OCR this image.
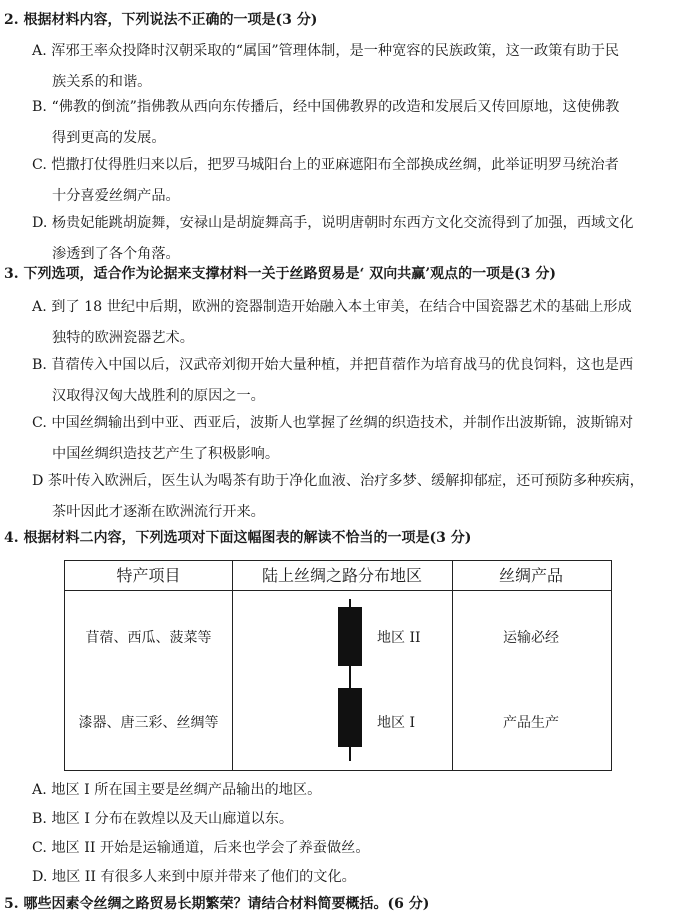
2. 根据材料内容，下列说法不正确的一项是(3 分)
A. 浑邪王率众投降时汉朝采取的“属国”管理体制，是一种宽容的民族政策，这一政策有助于民
族关系的和谐。
B. “佛教的倒流”指佛教从西向东传播后，经中国佛教界的改造和发展后又传回原地，这使佛教
得到更高的发展。
C. 恺撒打仗得胜归来以后，把罗马城阳台上的亚麻遮阳布全部换成丝绸，此举证明罗马统治者
十分喜爱丝绸产品。
D. 杨贵妃能跳胡旋舞，安禄山是胡旋舞高手，说明唐朝时东西方文化交流得到了加强，西域文化
渗透到了各个角落。
3. 下列选项，适合作为论据来支撑材料一关于丝路贸易是‘ 双向共赢’观点的一项是(3 分)
A. 到了 18 世纪中后期，欧洲的瓷器制造开始融入本土审美，在结合中国瓷器艺术的基础上形成
独特的欧洲瓷器艺术。
B. 苜蓿传入中国以后，汉武帝刘彻开始大量种植，并把苜蓿作为培育战马的优良饲料，这也是西
汉取得汉匈大战胜利的原因之一。
C. 中国丝绸输出到中亚、西亚后，波斯人也掌握了丝绸的织造技术，并制作出波斯锦，波斯锦对
中国丝绸织造技艺产生了积极影响。
D 茶叶传入欧洲后，医生认为喝茶有助于净化血液、治疗多梦、缓解抑郁症，还可预防多种疾病，
茶叶因此才逐渐在欧洲流行开来。
4. 根据材料二内容，下列选项对下面这幅图表的解读不恰当的一项是(3 分)
特产项目	陆上丝绸之路分布地区	丝绸产品
苜蓿、西瓜、菠菜等	地区 II	运输必经
漆器、唐三彩、丝绸等	地区 I	产品生产
A. 地区 I 所在国主要是丝绸产品输出的地区。
B. 地区 I 分布在敦煌以及天山廊道以东。
C. 地区 II 开始是运输通道，后来也学会了养蚕做丝。
D. 地区 II 有很多人来到中原并带来了他们的文化。
5. 哪些因素令丝绸之路贸易长期繁荣？请结合材料简要概括。(6 分)
